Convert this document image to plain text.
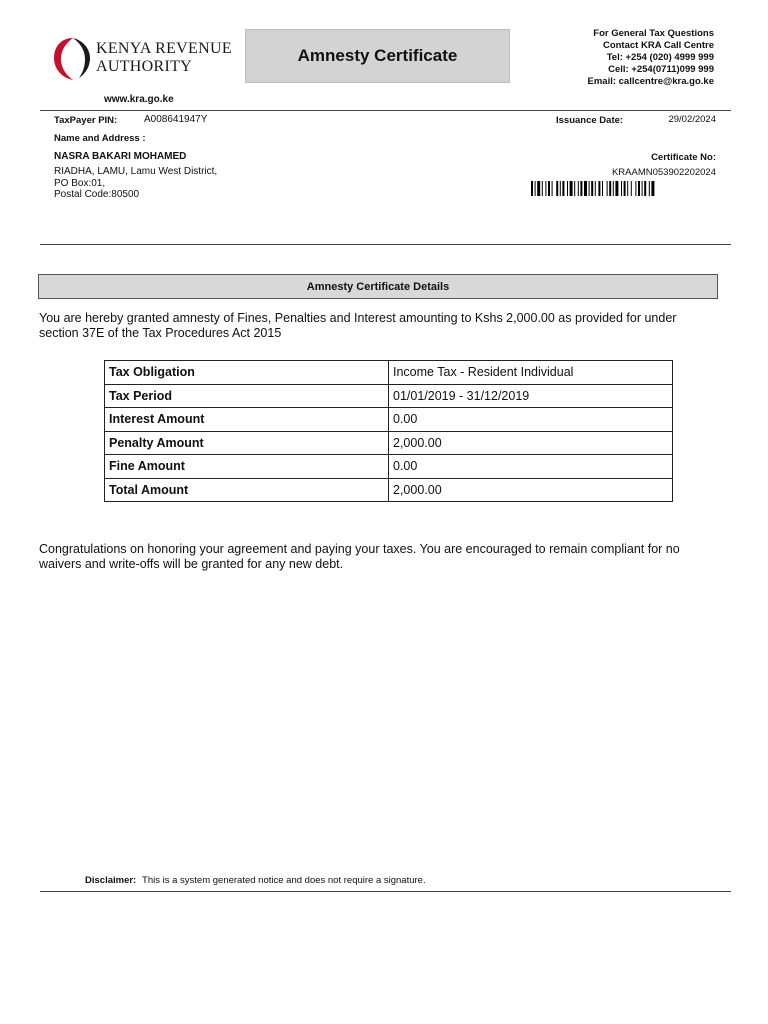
KENYA REVENUE
AUTHORITY
www.kra.go.ke
Amnesty Certificate
For General Tax Questions
Contact KRA Call Centre
Tel: +254 (020) 4999 999
Cell: +254(0711)099 999
Email: callcentre@kra.go.ke
TaxPayer PIN:	A008641947Y
Name and Address :
NASRA BAKARI MOHAMED
RIADHA, LAMU, Lamu West District,
PO Box:01,
Postal Code:80500
Issuance Date:	29/02/2024
Certificate No:
KRAAMN053902202024
Amnesty Certificate Details
You are hereby granted amnesty of Fines, Penalties and Interest amounting to Kshs 2,000.00 as provided for under
section 37E of the Tax Procedures Act 2015
Tax Obligation	Income Tax - Resident Individual
Tax Period	01/01/2019 - 31/12/2019
Interest Amount	0.00
Penalty Amount	2,000.00
Fine Amount	0.00
Total Amount	2,000.00
Congratulations on honoring your agreement and paying your taxes. You are encouraged to remain compliant for no
waivers and write-offs will be granted for any new debt.
Disclaimer: This is a system generated notice and does not require a signature.
